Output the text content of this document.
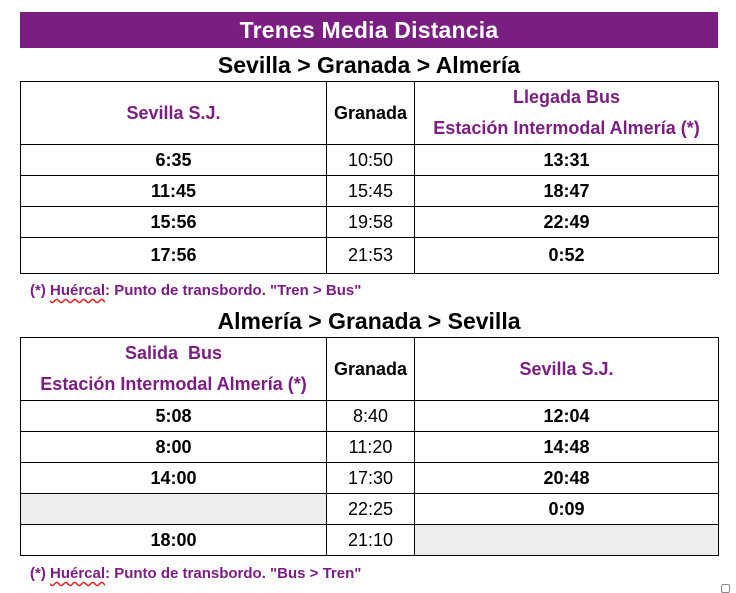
Trenes Media Distancia
Sevilla > Granada > Almería
Sevilla S.J.	Granada	Llegada Bus
Estación Intermodal Almería (*)

6:35	10:50	13:31
11:45	15:45	18:47
15:56	19:58	22:49
17:56	21:53	0:52
(*) Huércal: Punto de transbordo. "Tren > Bus"
Almería > Granada > Sevilla
Salida  Bus
Estación Intermodal Almería (*)	Granada	Sevilla S.J.
5:08	8:40	12:04
8:00	11:20	14:48
14:00	17:30	20:48
	22:25	0:09
18:00	21:10	
(*) Huércal: Punto de transbordo. "Bus > Tren"
